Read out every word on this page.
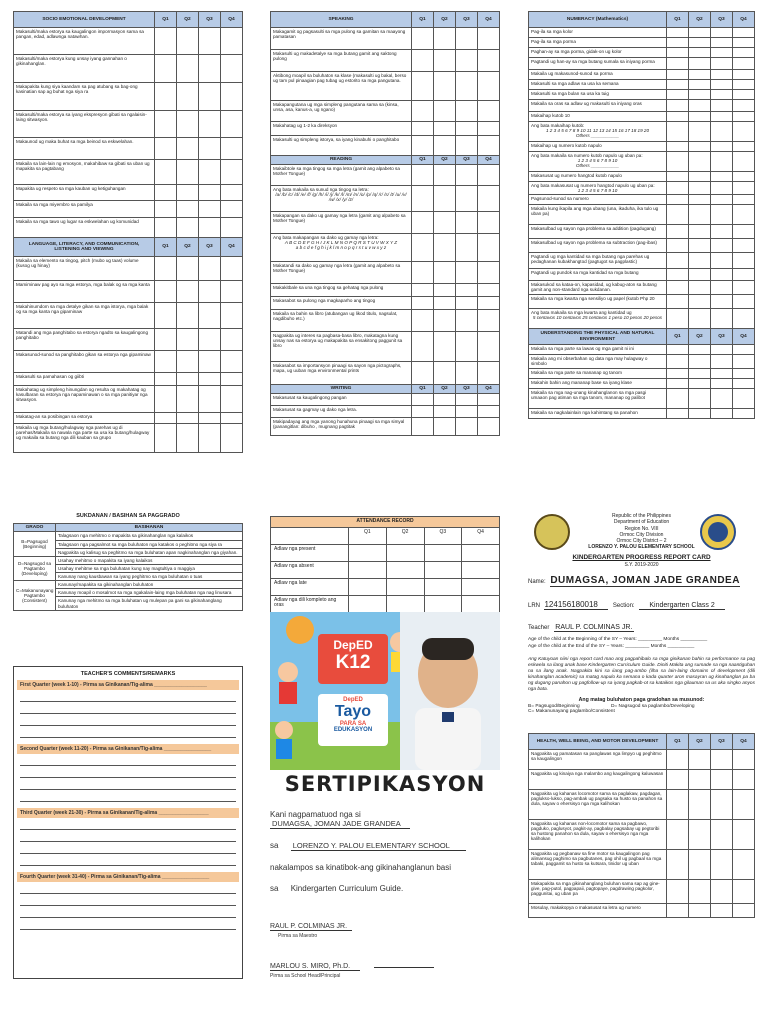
SOCIO EMOTIONAL DEVELOPMENT	Q1	Q2	Q3	Q4
Makasulti/maka estorya sa kaugalingon impormasyon sama sa pangan, edad, adlawnga natawhan.				
Makasulti/maka estorya kung unsay iyang gannahan o gikinahanglan.				
Makapakita kung siya kaandam sa pag atubang sa bag-ong kasinatian sap ag buhat nga siya ra				
Makasulti/maka estorya sa iyang ekspresyon gibati sa ngalaisin-laing sitwasyon.				
Makaunod ug maka buhat sa mga beinod sa eskwelahan.				
Makaila sa lain-lain ng emosyon, makahibaw sa gibati sa uban ug mapakita sa pagtabang				
Mapakita ug respeto sa mga kauban ug ketiguhangan				
Makaila sa mga miyembro sa pamilya				
Makaila sa mga tawo ug lugar sa eskwelahan ug komunidad				
LANGUAGE, LITERACY, AND COMMUNICATION, LISTENING AND VIEWING	Q1	Q2	Q3	Q4
Makaila sa elemento sa tingog, pitch (mubo ug taas) volume (kusog ug hinay)				
Mamiminaw pag ayo sa mga estorya, mga balak og sa mga kanta				
Makahinumdom sa mga detalye gikan sa mga istorya, mga balak og sa mga kanta nga gipaminaw				
Matandi ang mga panghitabo sa estorya ngadto sa kaugalingong panghitabo				
Makasunod-sunod sa panghitabo gikan sa estorya nga gipaminaw				
Makasulti sa pamahasan og giibti				
Makahatag ug simpleng hinungdan og resulta og makahatag og kasulbaran sa estorya nga napaminawan o sa mga panitiyar nga sitwasyon.				
Makatag-an sa posibingan sa estorya				
Makaila ug mga butang/hulagway nga parehas ug di parehas/Makaila sa nawala nga parte sa usa ka butang/hulagway ug makaila sa butang nga dili kauban sa grupo				
SPEAKING	Q1	Q2	Q3	Q4
Makagamit og pagsasulti sa mga pulong sa gamitan sa maayong pamatasan				
Makasulti ug makadetalye sa mga butang gamit ang saktong pulong				
Aktibong moapil sa buluhaton sa klase (makasulti ug bakal, berso ug tam pul pinaagian pag tubag ug estorito sa mga pangutana.				
Makapangutana ug mga simpleng pangutana sama sa (kinsa, unsa, asa, kanus-a, ug ngano)				
Makahatag ug 1-2 ka direksyon				
Makasulti ug simpleng istorya, sa iyang kinabuhi o panghitabo				
READING	Q1	Q2	Q3	Q4
Makaibtole sa mga tingog sa mga letra (gamit ang alpabeto sa Mother Tongue)				
Ang bata makaila sa sunud nga tingog sa letra:
/a/ /b/ /c/ /d/ /e/ /f/ /g/ /h/ /i/ /j/ /k/ /l/ /m/ /n/ /o/ /p/ /q/ /r/ /s/ /t/ /u/ /v/ /w/ /x/ /y/ /z/				

Makapangan sa dako ug gamay nga letra (gamit ang alpabeto sa Mother Tongue)				
Ang bata makapangan sa dako ug gamay nga letra:
A B C D E F G H I J K L M N O P Q R S T U V W X Y Z
a b c d e f g h i j k l m n o p q r s t u v w x y z				

Makatandi sa dako ug gamay nga letra (gamit ang alpabeto sa Mother Tongue)				
Makakitbale sa una nga tingog sa gehatag nga pulong				
Makasabot sa pulong nga magkaparho ang tingog				
Makaila sa bahin sa libro (atubangan ug likod titulo, nagsulat, nagdibuho etc.)				
Nagpakita ug interes sa pagbasa-basa libro, makatagna kung unsay nas sa estorya ug makapakita sa ensakitong paggunit sa libro				
Makasabot sa importansyon pinaagi sa sayon nga pictographs, mapa, ug uuban mga environmental prints				
WRITING	Q1	Q2	Q3	Q4
Makasusat sa kaugalingong pangan				
Makasusat sa gagmay ug dako nga letra.				
Makipadayag ang mga yanong hunahuna pinaagi sa mga simyal (panangitlan: dibuho , mugnang pagtitak				
NUMERACY (Mathematics)	Q1	Q2	Q3	Q4
Pag-ila sa mga kolor				
Pag-ila sa mga porma				
Paghan-ay sa mga porma, gidak-on ug kolor				
Pagtandi ug han-ay sa mga butang sumala sa iniyang porma				
Makaila ug makasunod-sunod sa porma				
Makasulti sa mga adlaw sa usa ka semana				
Makasulti sa mga bulan sa usa ka tuig				
Makaila sa oras sa adlaw ug makasulti sa iniyang oras				
Makaihap kutob 10				
Ang bata makaihap kutob:
1 2 3 4 5 6 7 8 9 10 11 12 13 14 15 16 17 18 19 20
Others ___________				

Makaihap ug numero kutob napulo				
Ang bata makaila sa numero kutob napulo ug uban pa:
1 2 3 4 5 6 7 8 9 10
Others ___________				

Makasusat ug numero hangtod kutob napulo				
Ang bata makasusat ug numero hangtod napulo ug uban pa:
1 2 3 4 5 6 7 8 9 10				

Pagsunod-sunod sa numero				
Makaila kung ikapila ang mga ubang (una, ikaduha, ika tulo ug uban pa)				
Makasulbad ug sayon nga problema sa addition (pagdugang)				
Makasulbad ug sayon nga problema sa subtraction (pag-ibas)				
Pagtandi ug mga kantidad sa mga butang nga parehas ug pedaghanan kubakhangtod (pagtugot sa pagplastic)				
Pagtandi ug pundok sa mga kantidad sa mga butang				
Makasukod sa kataa-on, kapasidad, ug kabug-aton sa butang gamit ang non-standard nga sukdanan.				
Makaila sa mga kwarta nga sensiliyo ug papel (kutob Php 20				
Ang bata makaila sa mga kwarta ang kantidad ug
5 centavos 10 centavos 25 centavos 1 peso 10 pesos 20 pesos				

UNDERSTANDING THE PHYSICAL AND NATURAL ENVIRONMENT	Q1	Q2	Q3	Q4
Makaila sa mga parte sa lawas og mga gamit ni ini				
Makaila ang mi obserbahan og data nga may hulagway o simbolo				
Makaila sa mga parte sa mananap og tanom				
Makahin bahin ang mananap base sa iyang klase				
Makaila sa mga nag-unang kinahanglanon sa mga pasgi umaaon pag atiman sa mga tanom, mananap og palibot				
Makaila sa nagkalainlain nga kahimtang sa panahon				
SUKDANAN / BASIHAN SA PAGGRADO
GRADO	BASIHANAN
B=Pagsugod (Beginning)	Talagsaon nga mehitmo o mapakita sa gikinahanglan nga kalaikos
	Talagsaon nga pagsalmot sa mga buluhaton nga katakos o peghitmo nga siya ra
	Nagpakita ug kalisug sa peghitmo sa mga buluhatan apan nagkinahanglan nga giyahan.
D=Nagsugod sa Pagtambo (Developing)	Usahay mehitmo o mapakita sa iyang kalaikos
	Usahay mehitme sa mga buluhatan kung nay magtultiya o maggiya
	Kanunay nang kausbawan sa iyang peghitmo sa mga buluhatan o tuas
C=Makanunayang Pagtambo (Consistent)	Kanunay/mapakita sa gikinahanglan buluhaton
	Kanunay moapil o mosalmot sa mga ngakalain-laing mga buluhatan nga nag linusara
	Kanunay nga mehitmo sa mga buluhatan ug mulepan pa gani sa gikinahanglang buluhaton
TEACHER'S COMMENTS/REMARKS
First Quarter (week 1-10) - Pirma sa Ginikanan/Tig-alima ___________________
Second Quarter (week 11-20) - Pirma sa Ginikanan/Tig-alima _________________
Third Quarter (week 21-30) - Pirma sa Ginikanan/Tig-alima __________________
Fourth Quarter (week 31-40) - Pirma sa Ginikanan/Tig-alima _________________
ATTENDANCE RECORD				
	Q1	Q2	Q3	Q4
Adlaw nga present				
Adlaw nga absent				
Adlaw nga late				
Adlaw nga dili kompleto ang oras				
DepED
K12
DepED
Tayo
PARA SA
EDUKASYON
SERTIPIKASYON
Kani nagpamatuod nga si DUMAGSA, JOMAN JADE GRANDEA
sa LORENZO Y. PALOU ELEMENTARY SCHOOL
nakalampos sa kinatibok-ang gikinahanglanun basi
sa Kindergarten Curriculum Guide.
RAUL P. COLMINAS JR.
Pirma sa Maestro
MARLOU S. MIRO, Ph.D.
Pirma sa School Head/Principal
Republic of the Philippines
Department of Education
Region No. VIII
Ormoc City Division
Ormoc City District – 2
LORENZO Y. PALOU ELEMENTARY SCHOOL
KINDERGARTEN PROGRESS REPORT CARD
S.Y. 2019-2020
Name: DUMAGSA, JOMAN JADE GRANDEA
LRN 124156180018	Section: Kindergarten Class 2
Teacher RAUL P. COLMINAS JR.
Age of the child at the Beginning of the SY – Years: _________ Months __________
Age of the child at the End of the SY – Years: _________ Months __________
Ang Katuyoan niini nga report card mao ang pagpahibalo sa mga ginikanan bahin sa performance sa pag eskwela sa ilang anak base Kindergarten Curriculum Guide. Diniti Makita ang sumade sa nga naantiguhan na sa ilang anak. Nagpakita kini sa iiang pag-ambo (ilha sa lain-laing domains of development (dili kinahanglan academic) sa matag napulo ka semana o kada quarter aron masayran ug kinahanglan pa ba ng dugang panahon ug pagfollow-up sa iyang pagkab-ot sa kataikos nga gilauman sa us aka singko anyos nga bata.
Ang matag buluhaton paga gradohan sa musunod:
B= Pagsugod/Beginning	D= Nagsugod sa paglambo/Developing
C= Makanunayang paglambo/Consistent
HEALTH, WELL BEING, AND MOTOR DEVELOPMENT	Q1	Q2	Q3	Q4
Nagpakita ug pamatasan sa panglawas nga limpyo ug peghitmo sa kaugalingon				
Nagpakita ug kinaiya nga malambo ang kaugalingong kaluwasan				
Nagpakita ug kahanas locomotor sama sa paglakaw, pagdagan, paglukso-lukso, pag-ambak ug pagsaka sa husto sa panahon sa dula, sayaw o ehersisyo nga mga kalihokan				
Nagpakita ug kahanas non-locomotor sama sa pagbawo, pagduko, paglusyot, pagkit-ay, pagbalay pagsabay ug pegtoribi sa hustong panahon sa dula, sayaw o ehersisyo nga mga kalihokan				
Nagpakita ug pegbanaw sa fine motor sa kaugalingon pag alimansug paghimo sa pagbutanes, pag ohil ug pagbaal sa mga tabaki, paggamit sa husto sa kutsara, tinidor ug uban				
Makapakita sa mga gikinahanglang buluhan sama sap ag gine-give, pag-putol, pagpapaii, pagtopaye, pagdrawing pagkolor, paggunitai, ug uban pa				
Mosulay, makakopya o makasusat sa letra ug numero				
